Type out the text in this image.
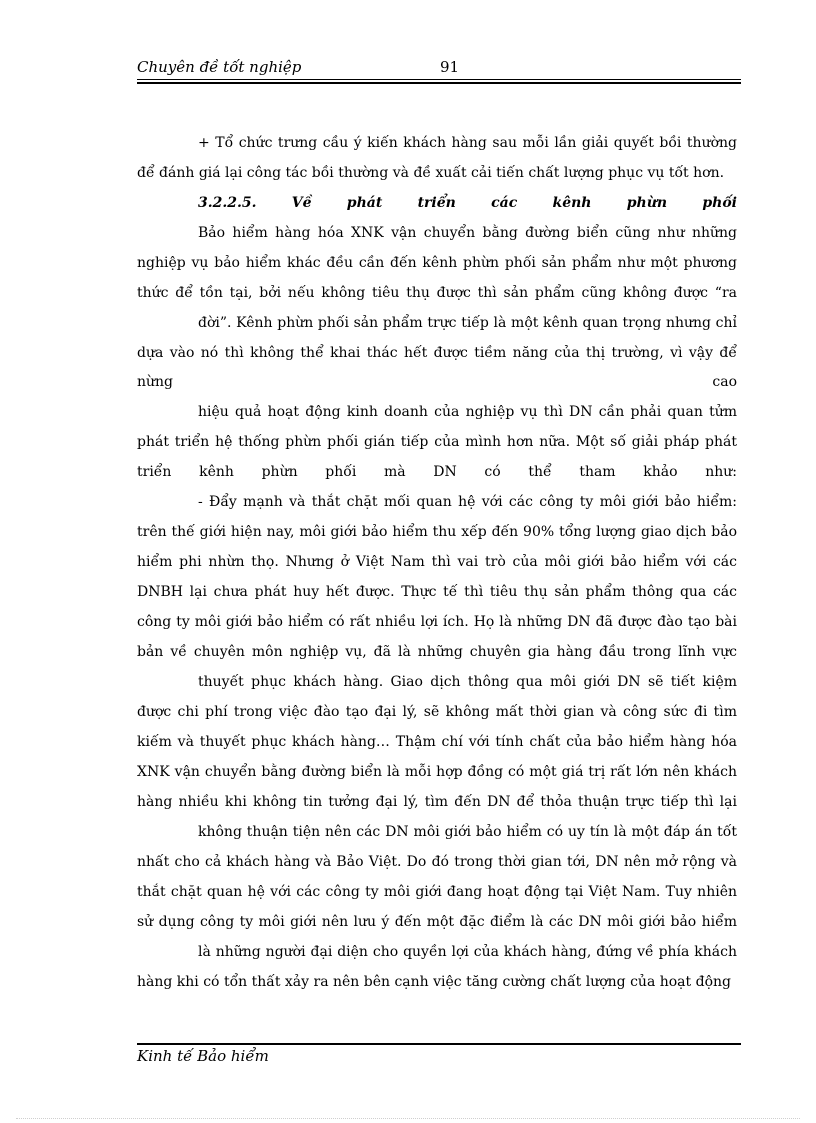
Chuyên đề tốt nghiệp	91
+ Tổ chức trưng cầu ý kiến khách hàng sau mỗi lần giải quyết bồi thường
để đánh giá lại công tác bồi thường và đề xuất cải tiến chất lượng phục vụ tốt hơn.
3.2.2.5. Về phát triển các kênh phừn phối
Bảo hiểm hàng hóa XNK vận chuyển bằng đường biển cũng như những
nghiệp vụ bảo hiểm khác đều cần đến kênh phừn phối sản phẩm như một phương
thức để tồn tại, bởi nếu không tiêu thụ được thì sản phẩm cũng không được “ra
đời”. Kênh phừn phối sản phẩm trực tiếp là một kênh quan trọng nhưng chỉ
dựa vào nó thì không thể khai thác hết được tiềm năng của thị trường, vì vậy để
nừng	cao
hiệu quả hoạt động kinh doanh của nghiệp vụ thì DN cần phải quan tửm
phát triển hệ thống phừn phối gián tiếp của mình hơn nữa. Một số giải pháp phát
triển kênh phừn phối mà DN có thể tham khảo như:
- Đẩy mạnh và thắt chặt mối quan hệ với các công ty môi giới bảo hiểm:
trên thế giới hiện nay, môi giới bảo hiểm thu xếp đến 90% tổng lượng giao dịch bảo
hiểm phi nhừn thọ. Nhưng ở Việt Nam thì vai trò của môi giới bảo hiểm với các
DNBH lại chưa phát huy hết được. Thực tế thì tiêu thụ sản phẩm thông qua các
công ty môi giới bảo hiểm có rất nhiều lợi ích. Họ là những DN đã được đào tạo bài
bản về chuyên môn nghiệp vụ, đã là những chuyên gia hàng đầu trong lĩnh vực
thuyết phục khách hàng. Giao dịch thông qua môi giới DN sẽ tiết kiệm
được chi phí trong việc đào tạo đại lý, sẽ không mất thời gian và công sức đi tìm
kiếm và thuyết phục khách hàng… Thậm chí với tính chất của bảo hiểm hàng hóa
XNK vận chuyển bằng đường biển là mỗi hợp đồng có một giá trị rất lớn nên khách
hàng nhiều khi không tin tưởng đại lý, tìm đến DN để thỏa thuận trực tiếp thì lại
không thuận tiện nên các DN môi giới bảo hiểm có uy tín là một đáp án tốt
nhất cho cả khách hàng và Bảo Việt. Do đó trong thời gian tới, DN nên mở rộng và
thắt chặt quan hệ với các công ty môi giới đang hoạt động tại Việt Nam. Tuy nhiên
sử dụng công ty môi giới nên lưu ý đến một đặc điểm là các DN môi giới bảo hiểm
là những người đại diện cho quyền lợi của khách hàng, đứng về phía khách
hàng khi có tổn thất xảy ra nên bên cạnh việc tăng cường chất lượng của hoạt động
Kinh tế Bảo hiểm
